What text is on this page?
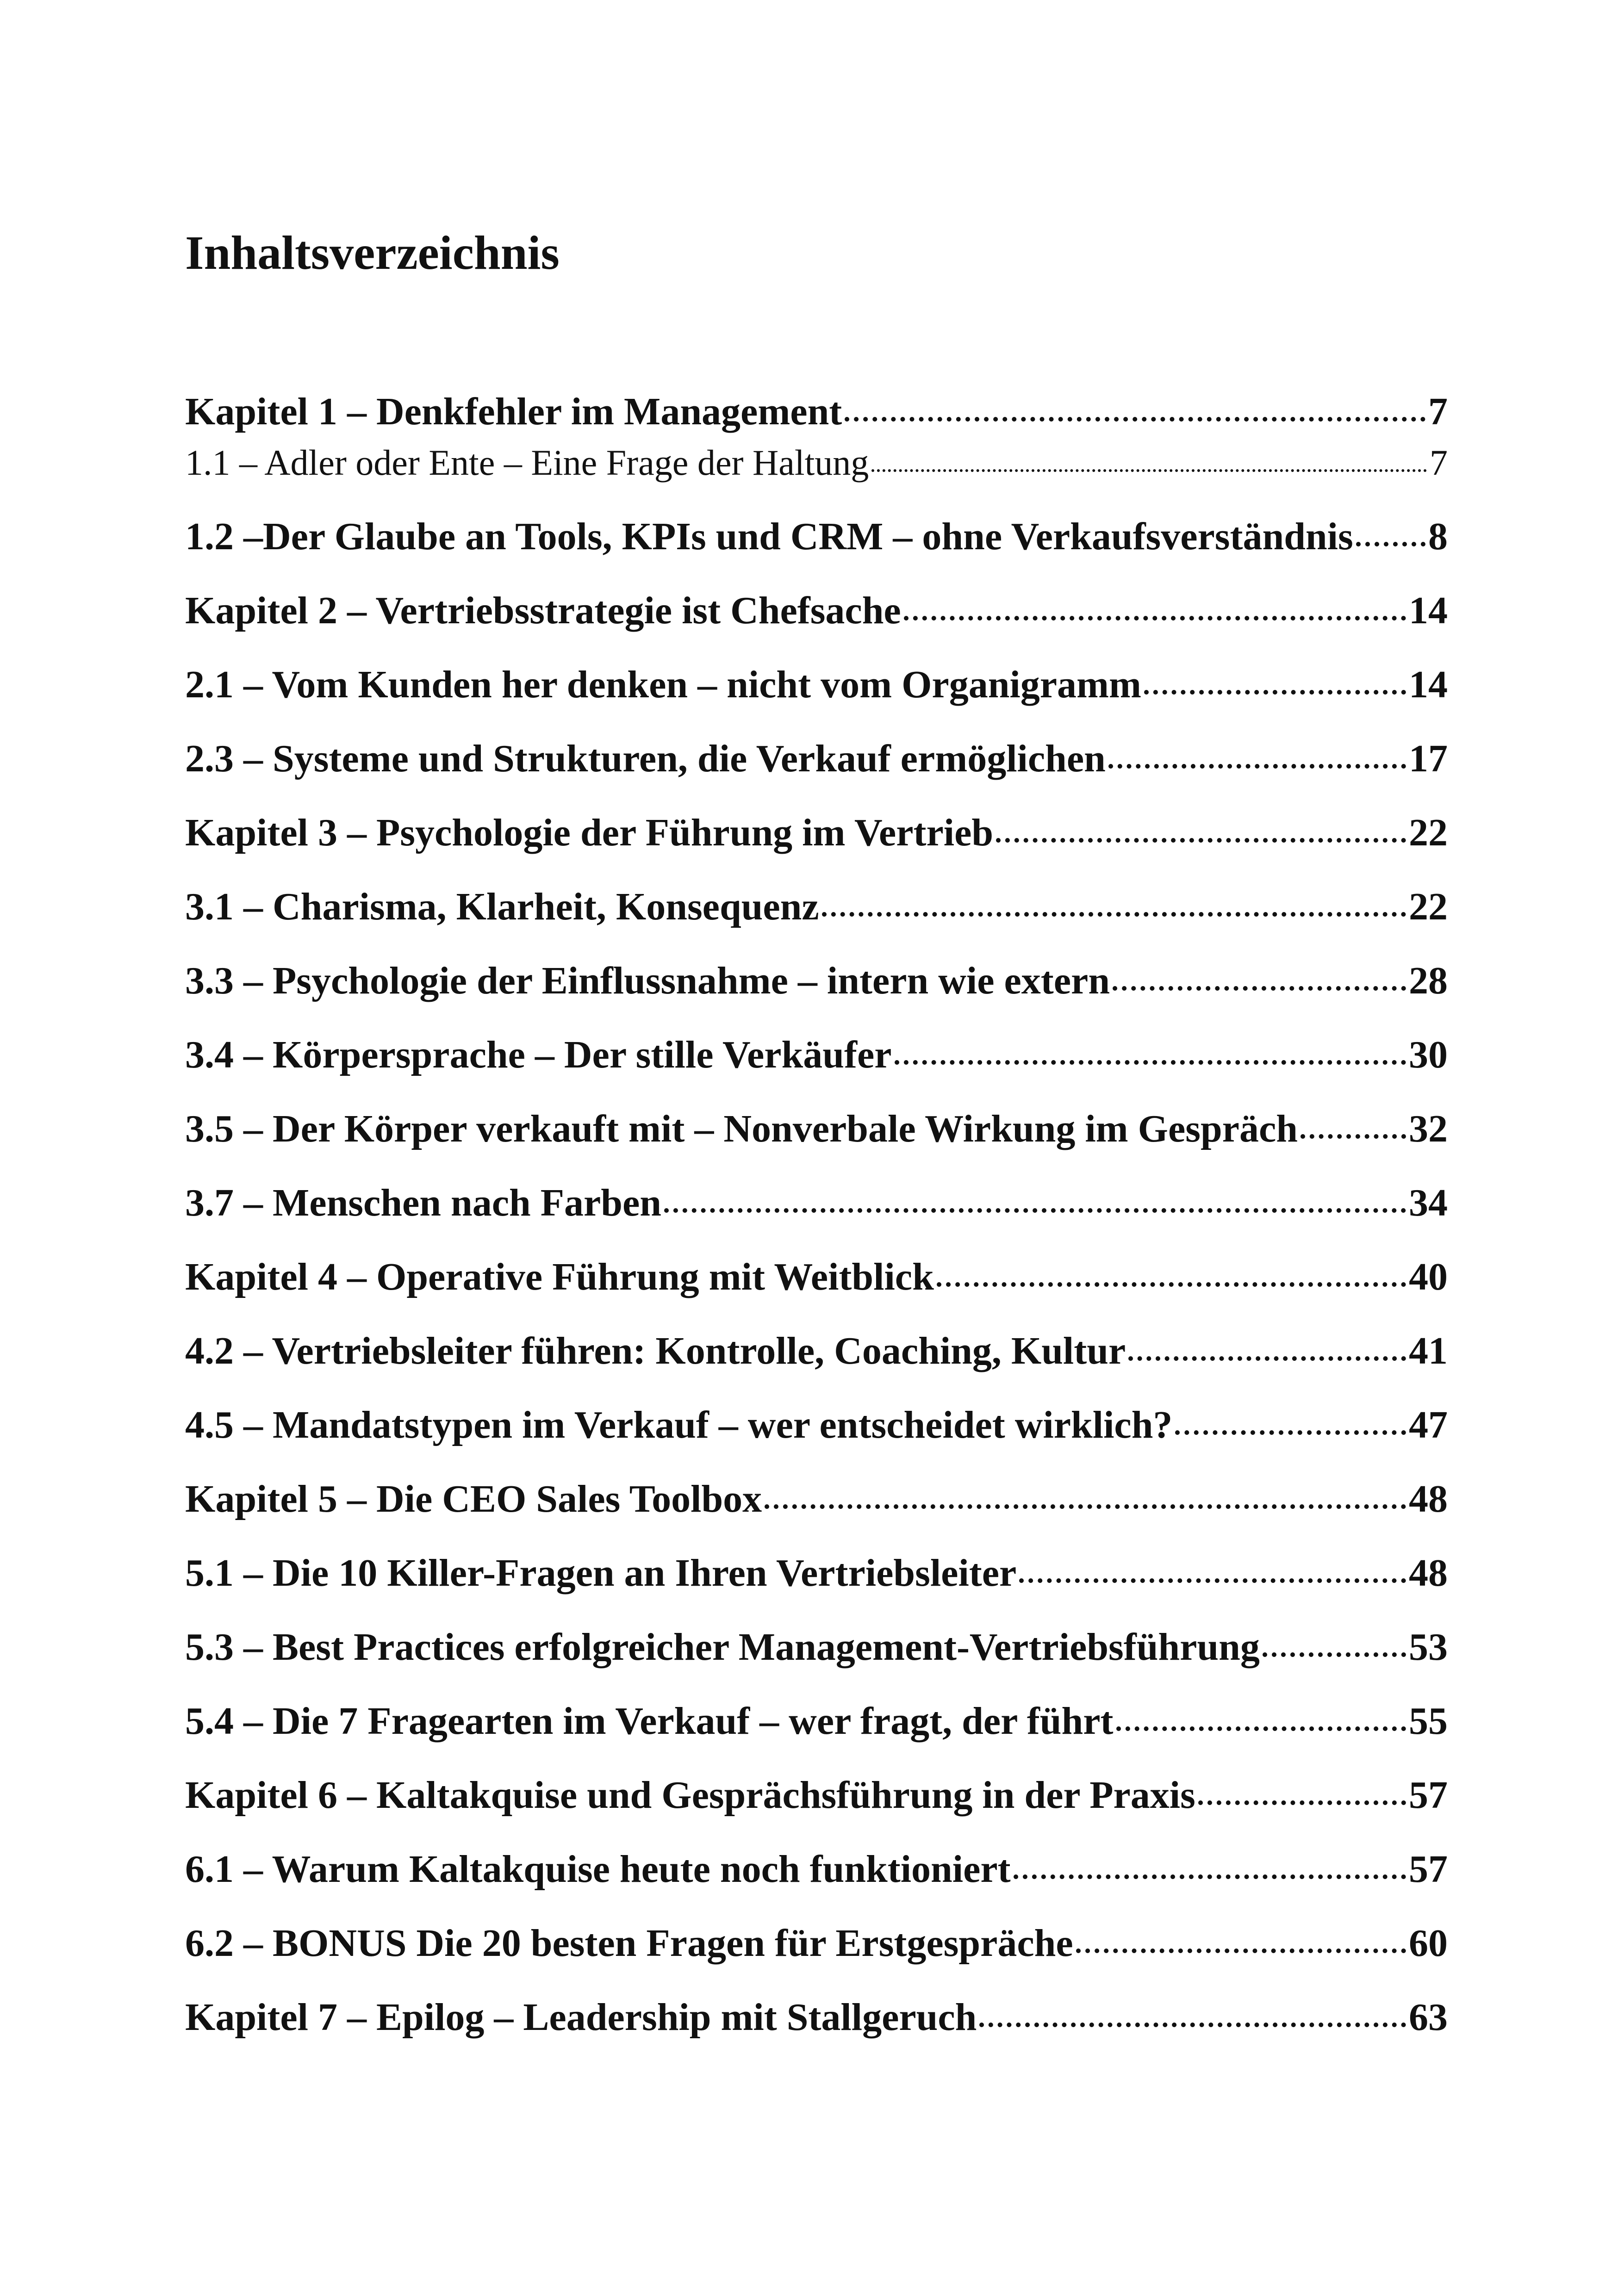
Inhaltsverzeichnis
Kapitel 1 – Denkfehler im Management	7
1.1 – Adler oder Ente – Eine Frage der Haltung	7
1.2 –Der Glaube an Tools, KPIs und CRM – ohne Verkaufsverständnis 8
Kapitel 2 – Vertriebsstrategie ist Chefsache	14
2.1 – Vom Kunden her denken – nicht vom Organigramm	14
2.3 – Systeme und Strukturen, die Verkauf ermöglichen	17
Kapitel 3 – Psychologie der Führung im Vertrieb	22
3.1 – Charisma, Klarheit, Konsequenz	22
3.3 – Psychologie der Einflussnahme – intern wie extern	28
3.4 – Körpersprache – Der stille Verkäufer	30
3.5 – Der Körper verkauft mit – Nonverbale Wirkung im Gespräch	32
3.7 – Menschen nach Farben	34
Kapitel 4 – Operative Führung mit Weitblick	40
4.2 – Vertriebsleiter führen: Kontrolle, Coaching, Kultur	41
4.5 – Mandatstypen im Verkauf – wer entscheidet wirklich?	47
Kapitel 5 – Die CEO Sales Toolbox	48
5.1 – Die 10 Killer-Fragen an Ihren Vertriebsleiter	48
5.3 – Best Practices erfolgreicher Management-Vertriebsführung	53
5.4 – Die 7 Fragearten im Verkauf – wer fragt, der führt	55
Kapitel 6 – Kaltakquise und Gesprächsführung in der Praxis	57
6.1 – Warum Kaltakquise heute noch funktioniert	57
6.2 – BONUS Die 20 besten Fragen für Erstgespräche	60
Kapitel 7 – Epilog – Leadership mit Stallgeruch	63
